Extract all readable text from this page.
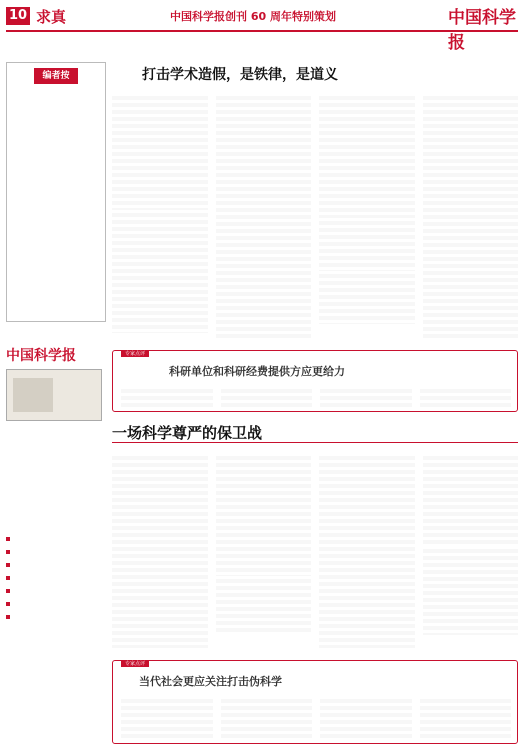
10 求真	中国科学报创刊 60 周年特别策划	中国科学报
编者按
中国科学报
打击学术造假，是铁律，是道义
专家点评
科研单位和科研经费提供方应更给力
一场科学尊严的保卫战
专家点评
当代社会更应关注打击伪科学
